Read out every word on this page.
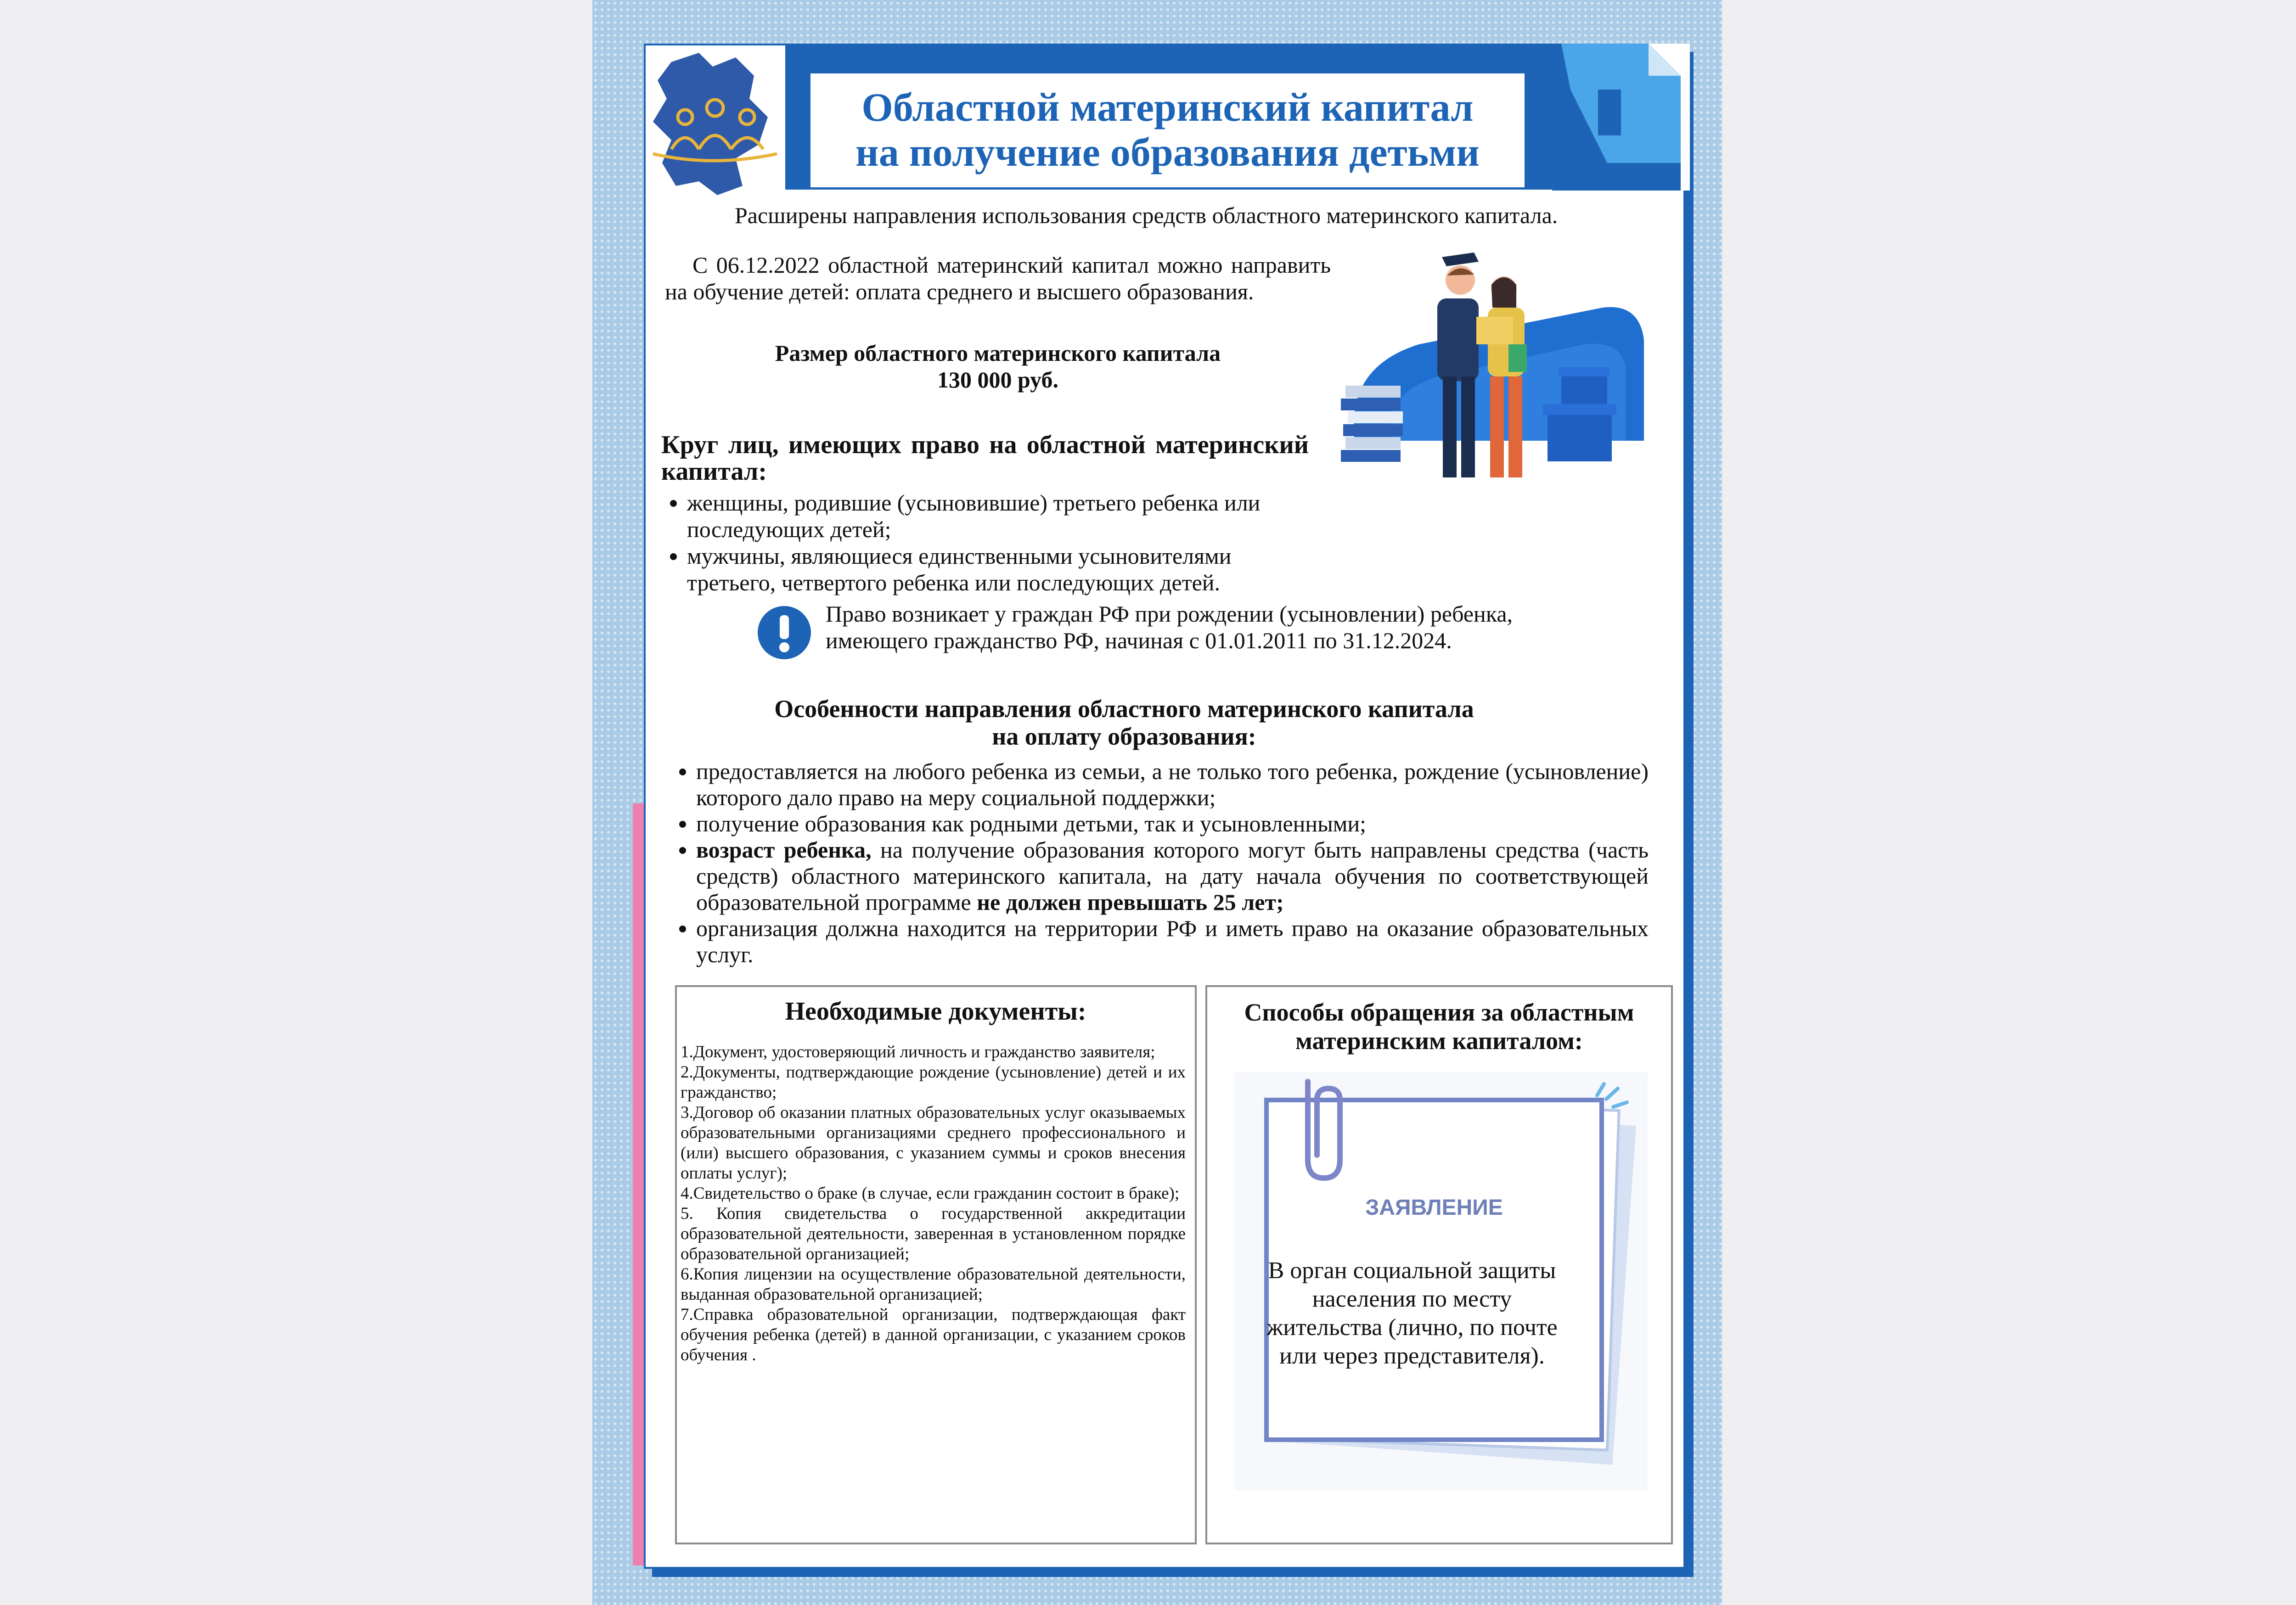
Областной материнский капитал
на получение образования детьми
Расширены направления использования средств областного материнского капитала.
С 06.12.2022 областной материнский капитал можно направить на обучение детей: оплата среднего и высшего образования.
Размер областного материнского капитала
130 000 руб.
Круг лиц, имеющих право на областной материнский капитал:
• женщины, родившие (усыновившие) третьего ребенка или последующих детей;
• мужчины, являющиеся единственными усыновителями третьего, четвертого ребенка или последующих детей.
Право возникает у граждан РФ при рождении (усыновлении) ребенка, имеющего гражданство РФ, начиная с 01.01.2011 по 31.12.2024.
Особенности направления областного материнского капитала
на оплату образования:
• предоставляется на любого ребенка из семьи, а не только того ребенка, рождение (усыновление) которого дало право на меру социальной поддержки;
• получение образования как родными детьми, так и усыновленными;
• возраст ребенка, на получение образования которого могут быть направлены средства (часть средств) областного материнского капитала, на дату начала обучения по соответствующей образовательной программе не должен превышать 25 лет;
• организация должна находится на территории РФ и иметь право на оказание образовательных услуг.
Необходимые документы:
1.Документ, удостоверяющий личность и гражданство заявителя;
2.Документы, подтверждающие рождение (усыновление) детей и их гражданство;
3.Договор об оказании платных образовательных услуг оказываемых образовательными организациями среднего профессионального и (или) высшего образования, с указанием суммы и сроков внесения оплаты услуг);
4.Свидетельство о браке (в случае, если гражданин состоит в браке);
5. Копия свидетельства о государственной аккредитации образовательной деятельности, заверенная в установленном порядке образовательной организацией;
6.Копия лицензии на осуществление образовательной деятельности, выданная образовательной организацией;
7.Справка образовательной организации, подтверждающая факт обучения ребенка (детей) в данной организации, с указанием сроков обучения .
Способы обращения за областным материнским капиталом:
ЗАЯВЛЕНИЕ
В орган социальной защиты населения по месту жительства (лично, по почте или через представителя).
